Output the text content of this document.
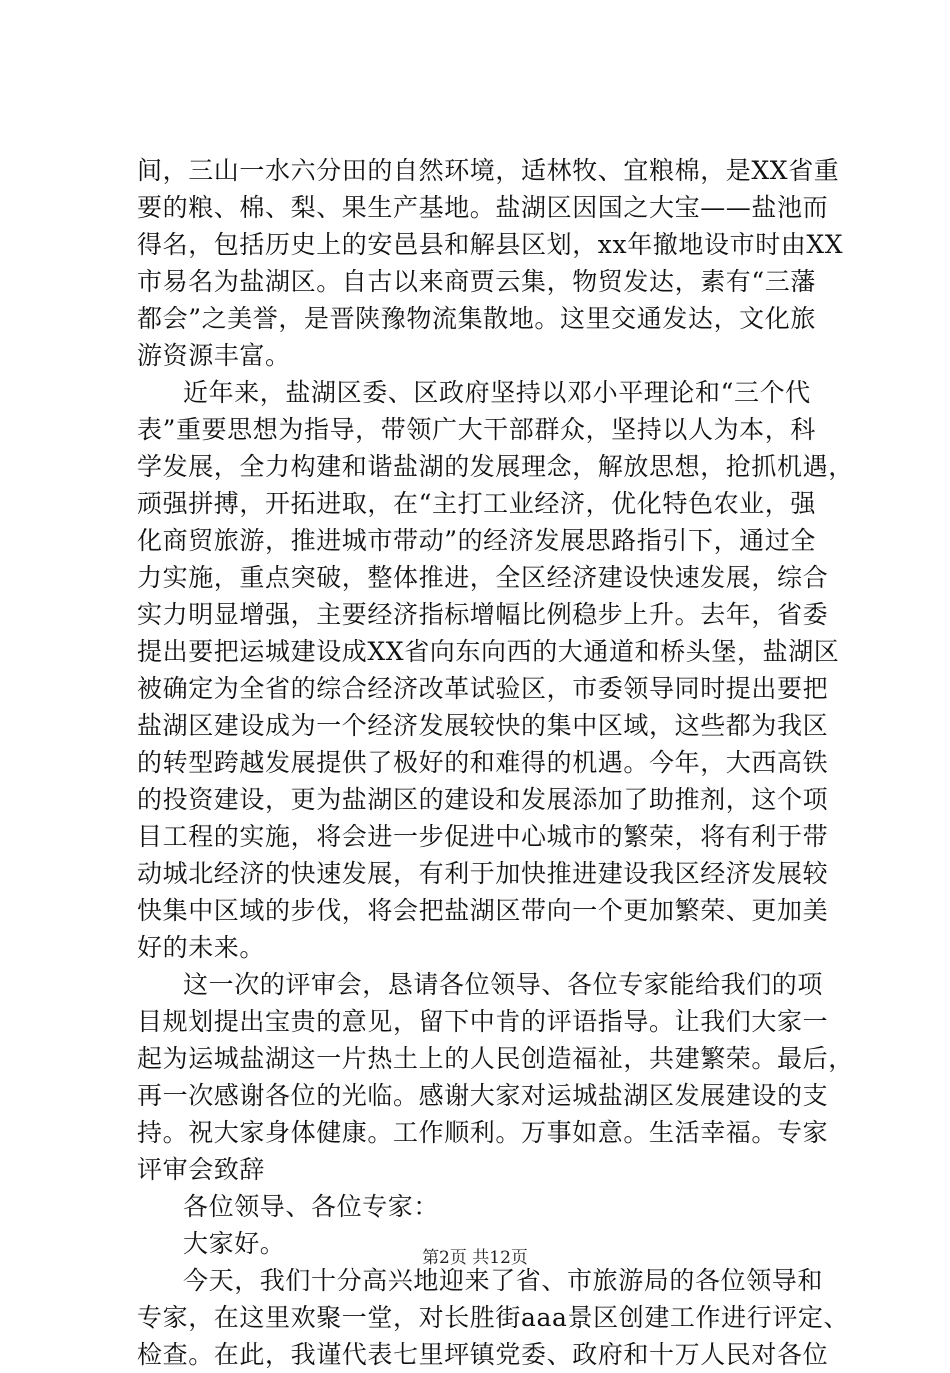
间，三山一水六分田的自然环境，适林牧、宜粮棉，是XX省重
要的粮、棉、梨、果生产基地。盐湖区因国之大宝——盐池而
得名，包括历史上的安邑县和解县区划，xx年撤地设市时由XX
市易名为盐湖区。自古以来商贾云集，物贸发达，素有“三藩
都会”之美誉，是晋陕豫物流集散地。这里交通发达，文化旅
游资源丰富。
近年来，盐湖区委、区政府坚持以邓小平理论和“三个代
表”重要思想为指导，带领广大干部群众，坚持以人为本，科
学发展，全力构建和谐盐湖的发展理念，解放思想，抢抓机遇，
顽强拼搏，开拓进取，在“主打工业经济，优化特色农业，强
化商贸旅游，推进城市带动”的经济发展思路指引下，通过全
力实施，重点突破，整体推进，全区经济建设快速发展，综合
实力明显增强，主要经济指标增幅比例稳步上升。去年，省委
提出要把运城建设成XX省向东向西的大通道和桥头堡，盐湖区
被确定为全省的综合经济改革试验区，市委领导同时提出要把
盐湖区建设成为一个经济发展较快的集中区域，这些都为我区
的转型跨越发展提供了极好的和难得的机遇。今年，大西高铁
的投资建设，更为盐湖区的建设和发展添加了助推剂，这个项
目工程的实施，将会进一步促进中心城市的繁荣，将有利于带
动城北经济的快速发展，有利于加快推进建设我区经济发展较
快集中区域的步伐，将会把盐湖区带向一个更加繁荣、更加美
好的未来。
这一次的评审会，恳请各位领导、各位专家能给我们的项
目规划提出宝贵的意见，留下中肯的评语指导。让我们大家一
起为运城盐湖这一片热土上的人民创造福祉，共建繁荣。最后，
再一次感谢各位的光临。感谢大家对运城盐湖区发展建设的支
持。祝大家身体健康。工作顺利。万事如意。生活幸福。专家
评审会致辞
各位领导、各位专家：
大家好。
今天，我们十分高兴地迎来了省、市旅游局的各位领导和
专家，在这里欢聚一堂，对长胜街aaa景区创建工作进行评定、
检查。在此，我谨代表七里坪镇党委、政府和十万人民对各位
第2页 共12页
